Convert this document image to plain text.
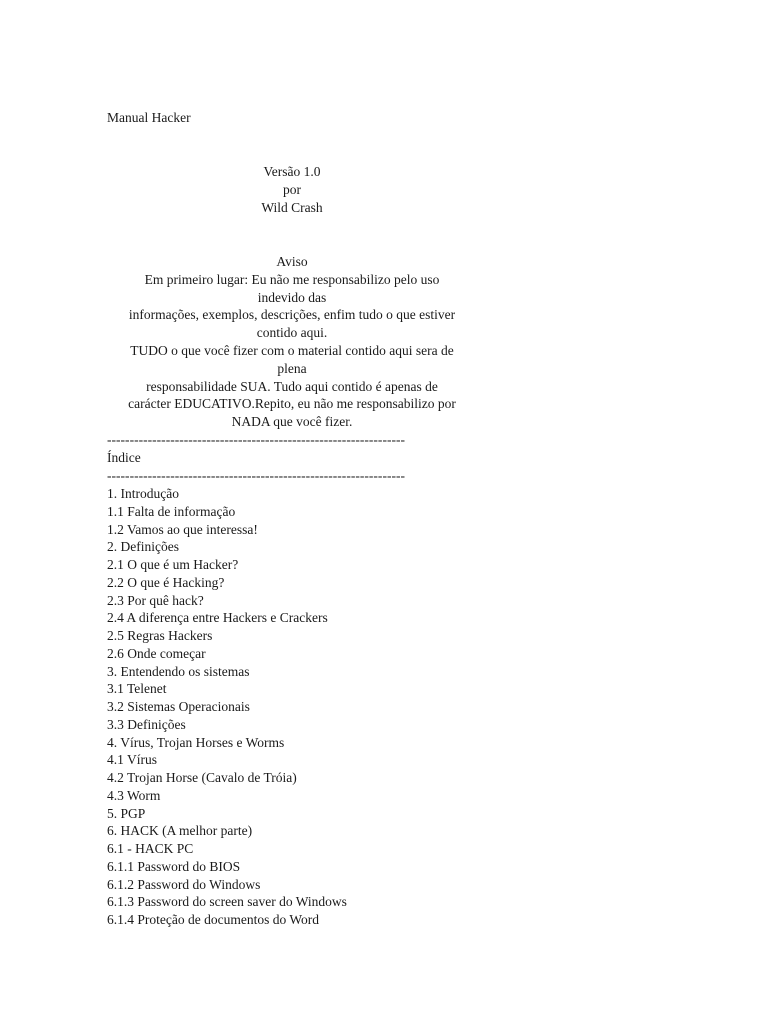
Manual Hacker
Versão 1.0
por
Wild Crash
Aviso
Em primeiro lugar: Eu não me responsabilizo pelo uso
indevido das
informações, exemplos, descrições, enfim tudo o que estiver
contido aqui.
TUDO o que você fizer com o material contido aqui sera de
plena
responsabilidade SUA. Tudo aqui contido é apenas de
carácter EDUCATIVO.Repito, eu não me responsabilizo por
NADA que você fizer.
------------------------------------------------------------------
Índice
------------------------------------------------------------------
1. Introdução
1.1 Falta de informação
1.2 Vamos ao que interessa!
2. Definições
2.1 O que é um Hacker?
2.2 O que é Hacking?
2.3 Por quê hack?
2.4 A diferença entre Hackers e Crackers
2.5 Regras Hackers
2.6 Onde começar
3. Entendendo os sistemas
3.1 Telenet
3.2 Sistemas Operacionais
3.3 Definições
4. Vírus, Trojan Horses e Worms
4.1 Vírus
4.2 Trojan Horse (Cavalo de Tróia)
4.3 Worm
5. PGP
6. HACK (A melhor parte)
6.1 - HACK PC
6.1.1 Password do BIOS
6.1.2 Password do Windows
6.1.3 Password do screen saver do Windows
6.1.4 Proteção de documentos do Word
